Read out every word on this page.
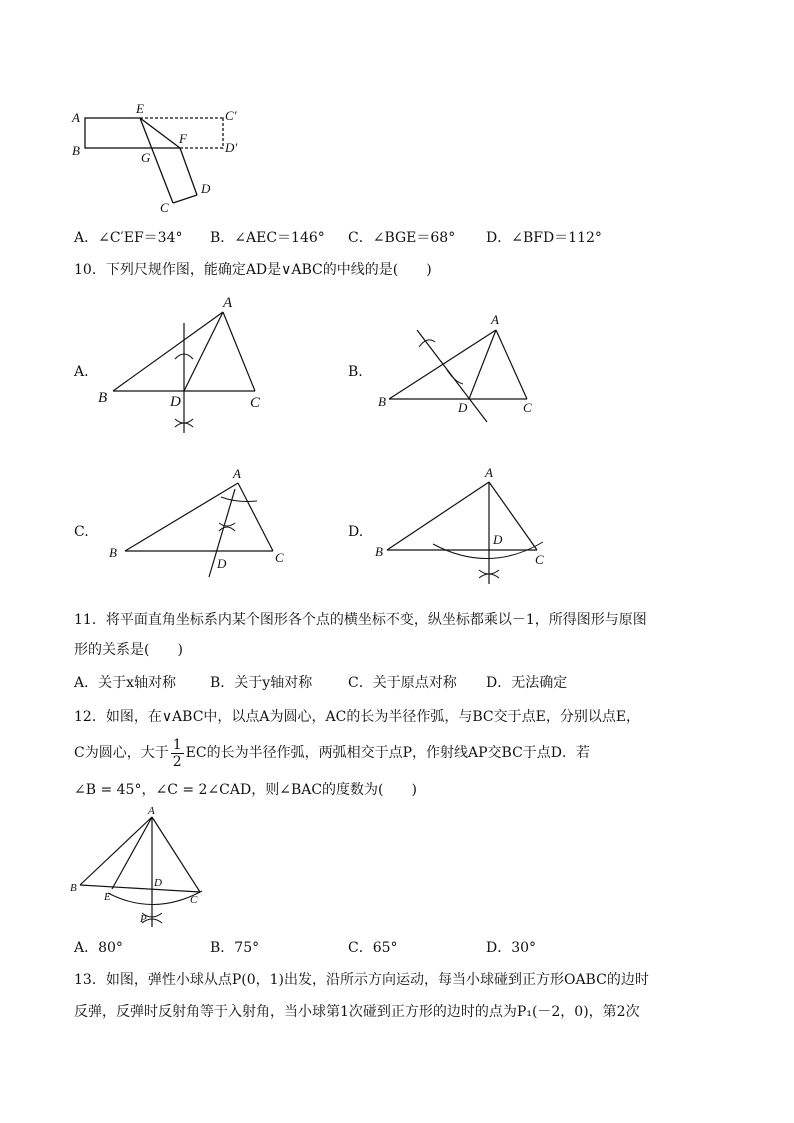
A
E	C′
F
D′
B	G
D
C
A．∠C′EF＝34° B．∠AEC＝146° C．∠BGE＝68° D．∠BFD＝112°
10．下列尺规作图，能确定AD是∨ABC的中线的是(　　)
A.
A
B	D	C
B.
A
B	D	C
C.
A
B
D	C
D.
A
B
D
C
11．将平面直角坐标系内某个图形各个点的横坐标不变，纵坐标都乘以－1，所得图形与原图
形的关系是(　　)
A．关于x轴对称 B．关于y轴对称	C．关于原点对称 D．无法确定
12．如图，在∨ABC中，以点A为圆心，AC的长为半径作弧，与BC交于点E，分别以点E，
C为圆心，大于 $\frac{1}{2}$ EC的长为半径作弧，两弧相交于点P，作射线AP交BC于点D．若
∠B = 45°，∠C = 2∠CAD，则∠BAC的度数为(　　)
A
B
E
D
C
P
A．80°	B．75°	C．65°	D．30°
13．如图，弹性小球从点P(0，1)出发，沿所示方向运动，每当小球碰到正方形OABC的边时
反弹，反弹时反射角等于入射角，当小球第1次碰到正方形的边时的点为P₁(－2，0)，第2次
